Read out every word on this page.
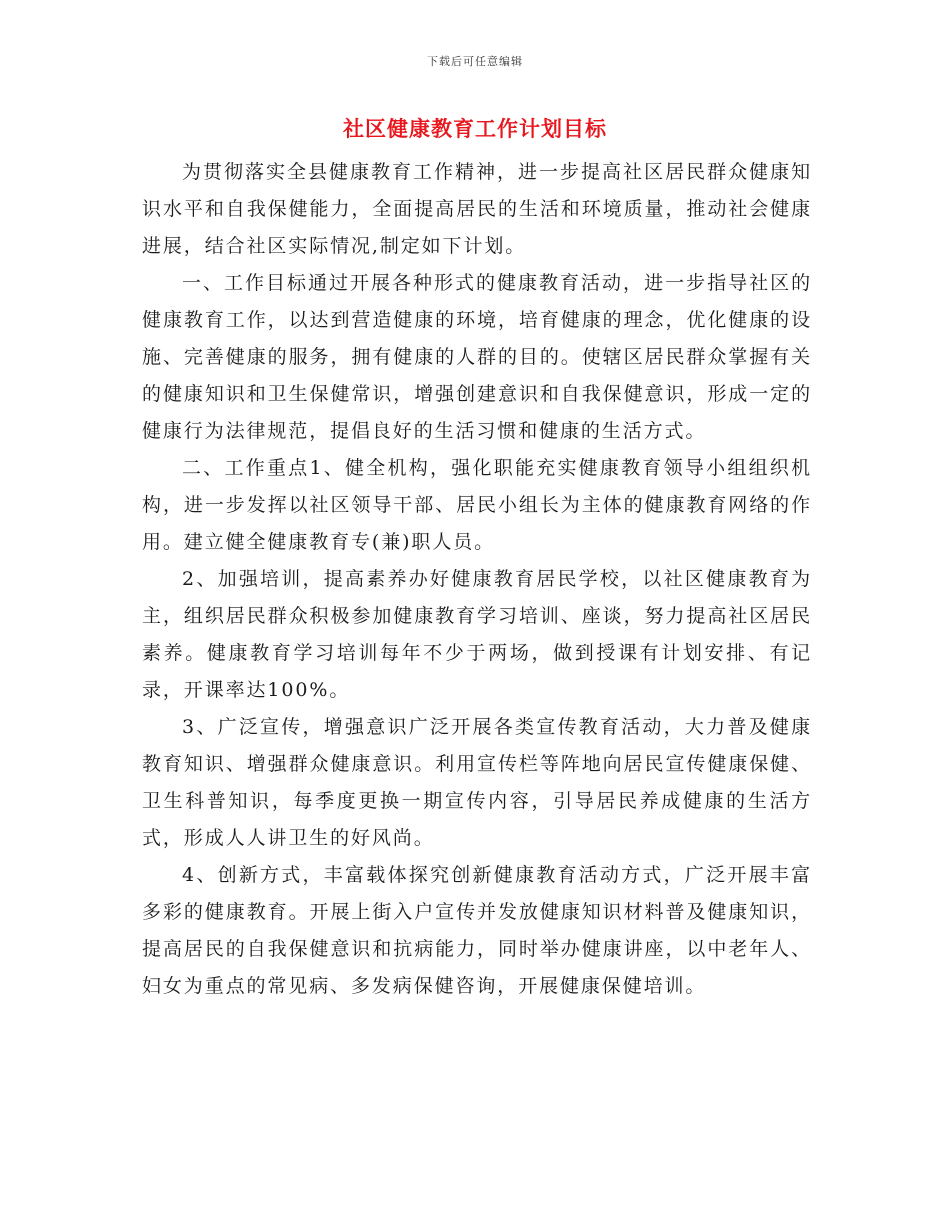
下载后可任意编辑
社区健康教育工作计划目标

为贯彻落实全县健康教育工作精神，进一步提高社区居民群众健康知识水平和自我保健能力，全面提高居民的生活和环境质量，推动社会健康进展，结合社区实际情况,制定如下计划。

一、工作目标通过开展各种形式的健康教育活动，进一步指导社区的健康教育工作，以达到营造健康的环境，培育健康的理念，优化健康的设施、完善健康的服务，拥有健康的人群的目的。使辖区居民群众掌握有关的健康知识和卫生保健常识，增强创建意识和自我保健意识，形成一定的健康行为法律规范，提倡良好的生活习惯和健康的生活方式。

二、工作重点1、健全机构，强化职能充实健康教育领导小组组织机构，进一步发挥以社区领导干部、居民小组长为主体的健康教育网络的作用。建立健全健康教育专(兼)职人员。

2、加强培训，提高素养办好健康教育居民学校，以社区健康教育为主，组织居民群众积极参加健康教育学习培训、座谈，努力提高社区居民素养。健康教育学习培训每年不少于两场，做到授课有计划安排、有记录，开课率达100%。

3、广泛宣传，增强意识广泛开展各类宣传教育活动，大力普及健康教育知识、增强群众健康意识。利用宣传栏等阵地向居民宣传健康保健、卫生科普知识，每季度更换一期宣传内容，引导居民养成健康的生活方式，形成人人讲卫生的好风尚。

4、创新方式，丰富载体探究创新健康教育活动方式，广泛开展丰富多彩的健康教育。开展上街入户宣传并发放健康知识材料普及健康知识，提高居民的自我保健意识和抗病能力，同时举办健康讲座，以中老年人、妇女为重点的常见病、多发病保健咨询，开展健康保健培训。
